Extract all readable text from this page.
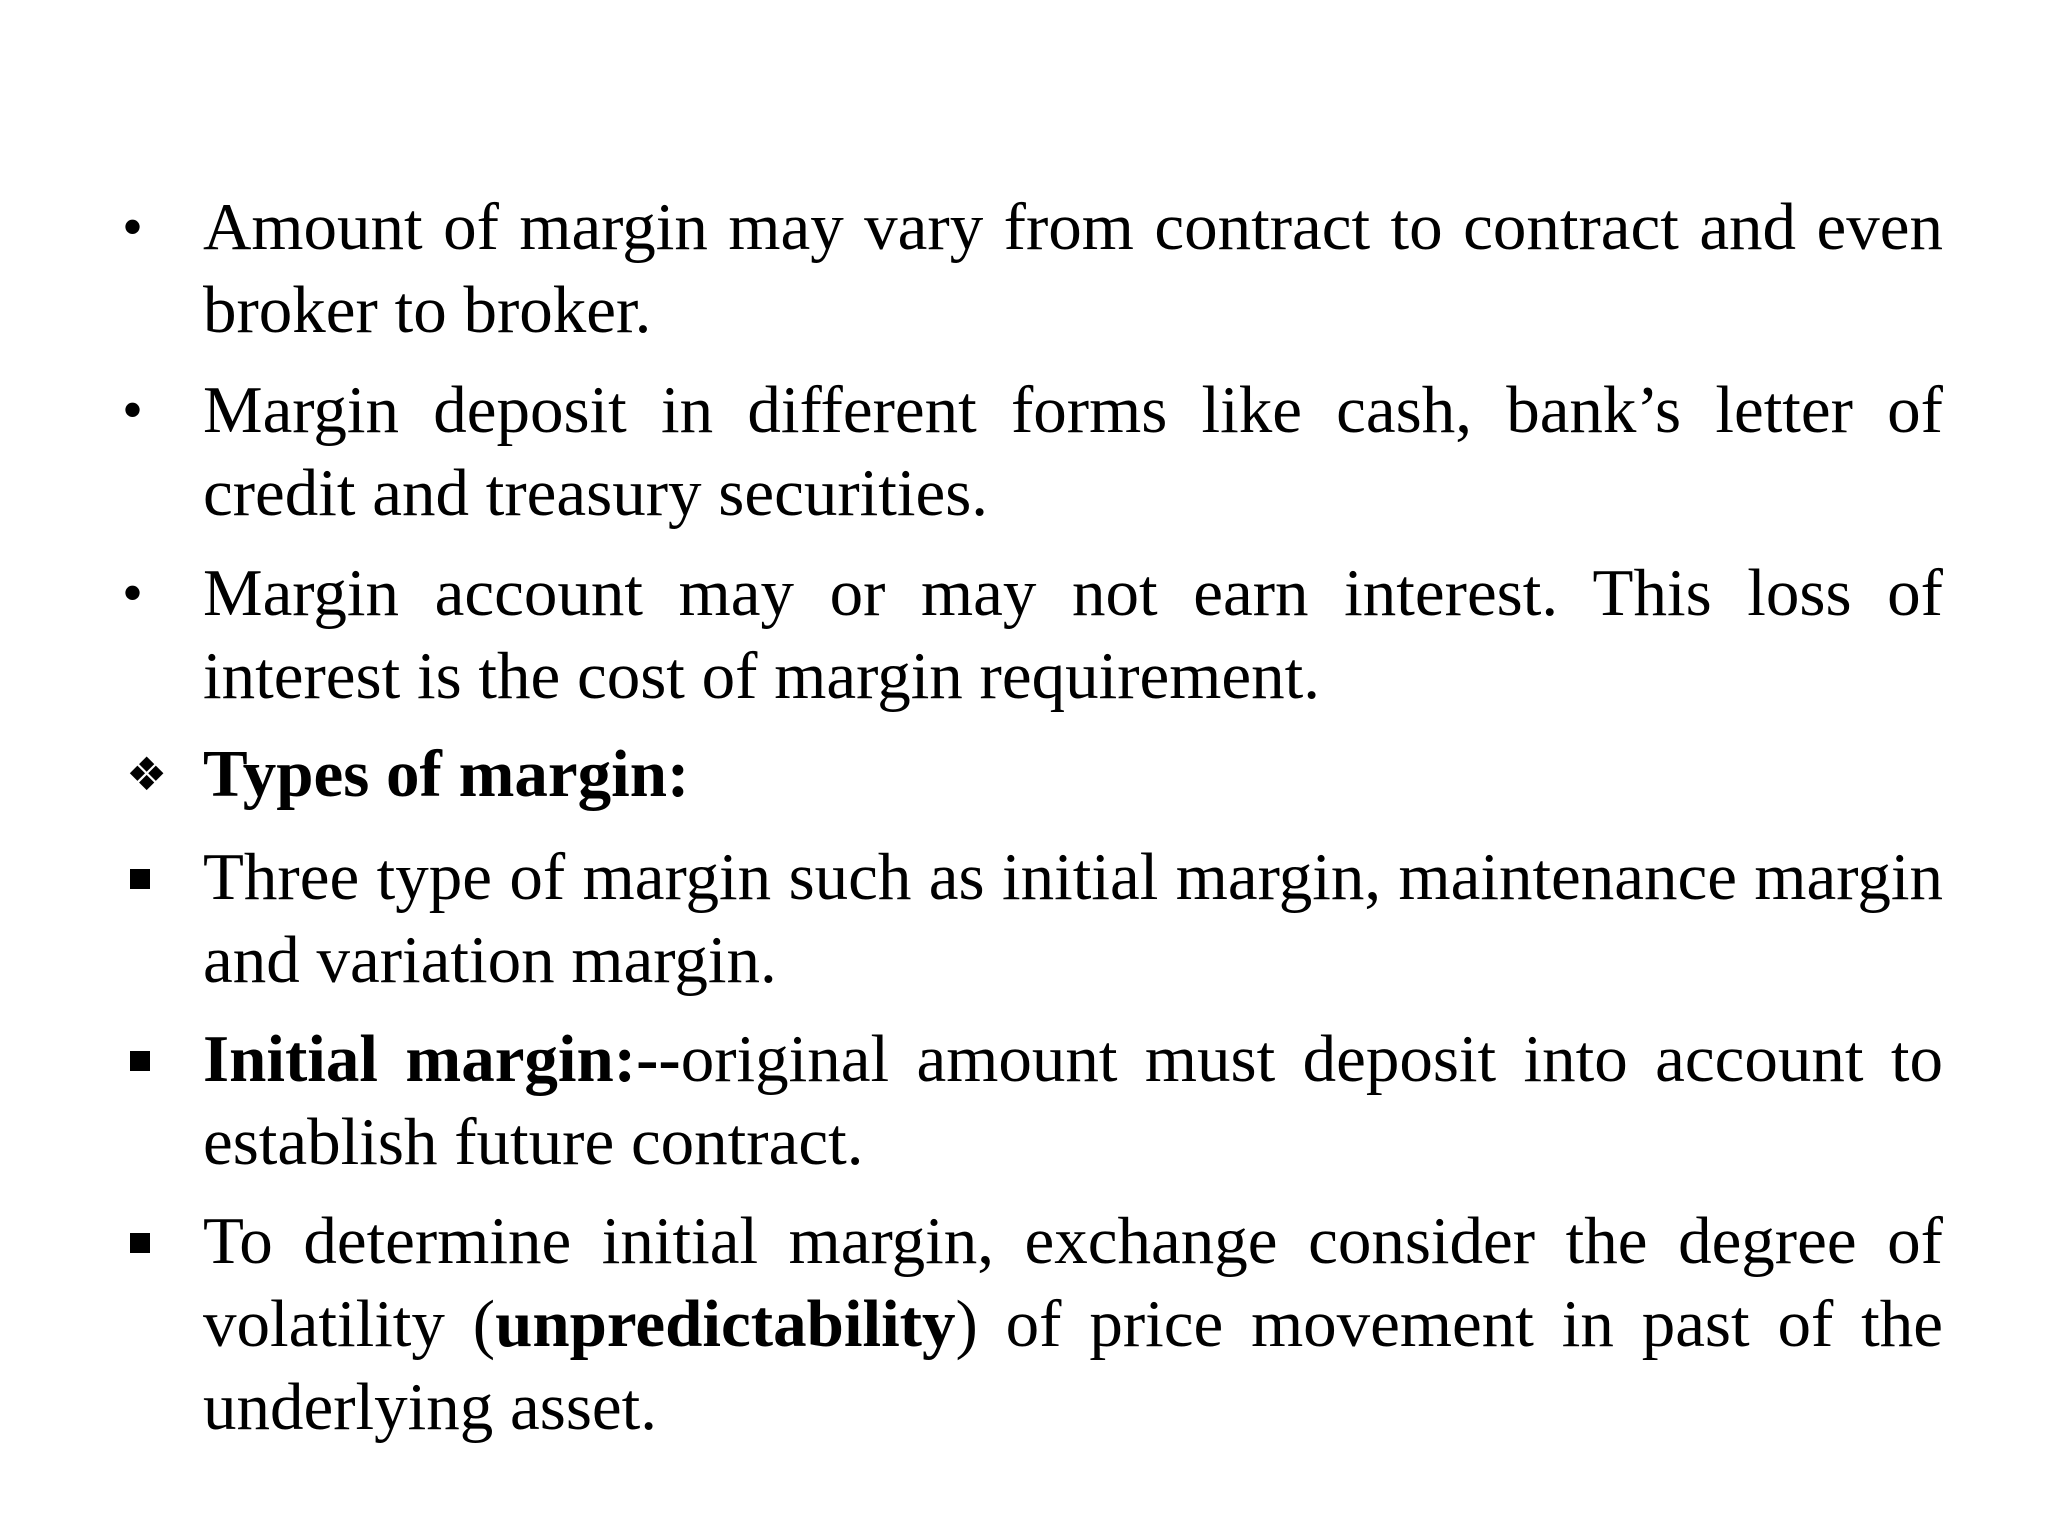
• Amount of margin may vary from contract to contract and even broker to broker.
• Margin deposit in different forms like cash, bank’s letter of credit and treasury securities.
• Margin account may or may not earn interest. This loss of interest is the cost of margin requirement.
❖ Types of margin:
Three type of margin such as initial margin, maintenance margin and variation margin.
Initial margin:--original amount must deposit into account to establish future contract.
To determine initial margin, exchange consider the degree of volatility (unpredictability) of price movement in past of the underlying asset.
